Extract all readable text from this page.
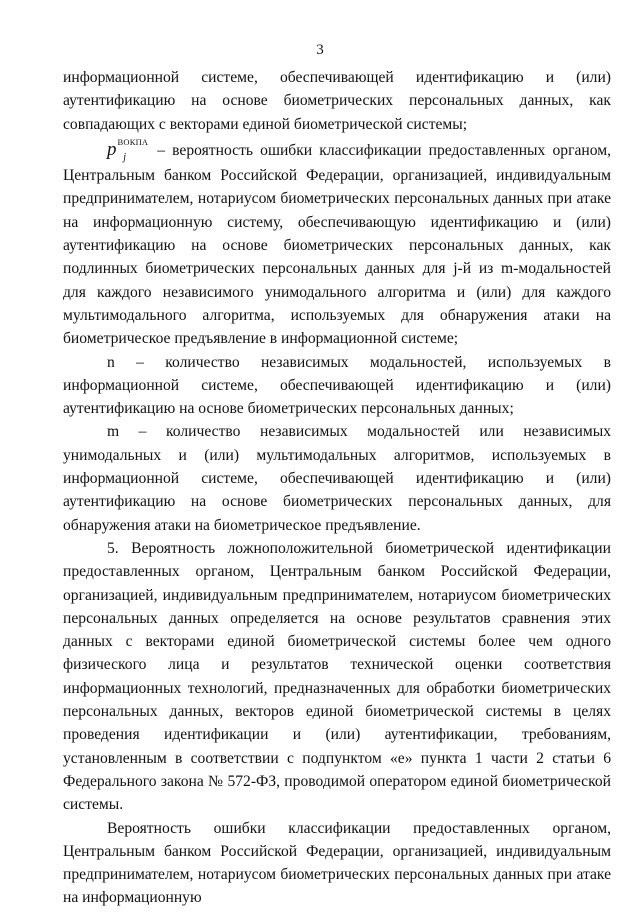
3

информационной системе, обеспечивающей идентификацию и (или) аутентификацию на основе биометрических персональных данных, как совпадающих с векторами единой биометрической системы;

$p^{ВОКПА}_j$ – вероятность ошибки классификации предоставленных органом, Центральным банком Российской Федерации, организацией, индивидуальным предпринимателем, нотариусом биометрических персональных данных при атаке на информационную систему, обеспечивающую идентификацию и (или) аутентификацию на основе биометрических персональных данных, как подлинных биометрических персональных данных для j-й из m-модальностей для каждого независимого унимодального алгоритма и (или) для каждого мультимодального алгоритма, используемых для обнаружения атаки на биометрическое предъявление в информационной системе;

n – количество независимых модальностей, используемых в информационной системе, обеспечивающей идентификацию и (или) аутентификацию на основе биометрических персональных данных;

m – количество независимых модальностей или независимых унимодальных и (или) мультимодальных алгоритмов, используемых в информационной системе, обеспечивающей идентификацию и (или) аутентификацию на основе биометрических персональных данных, для обнаружения атаки на биометрическое предъявление.

5. Вероятность ложноположительной биометрической идентификации предоставленных органом, Центральным банком Российской Федерации, организацией, индивидуальным предпринимателем, нотариусом биометрических персональных данных определяется на основе результатов сравнения этих данных с векторами единой биометрической системы более чем одного физического лица и результатов технической оценки соответствия информационных технологий, предназначенных для обработки биометрических персональных данных, векторов единой биометрической системы в целях проведения идентификации и (или) аутентификации, требованиям, установленным в соответствии с подпунктом «е» пункта 1 части 2 статьи 6 Федерального закона № 572-ФЗ, проводимой оператором единой биометрической системы.

Вероятность ошибки классификации предоставленных органом, Центральным банком Российской Федерации, организацией, индивидуальным предпринимателем, нотариусом биометрических персональных данных при атаке на информационную
